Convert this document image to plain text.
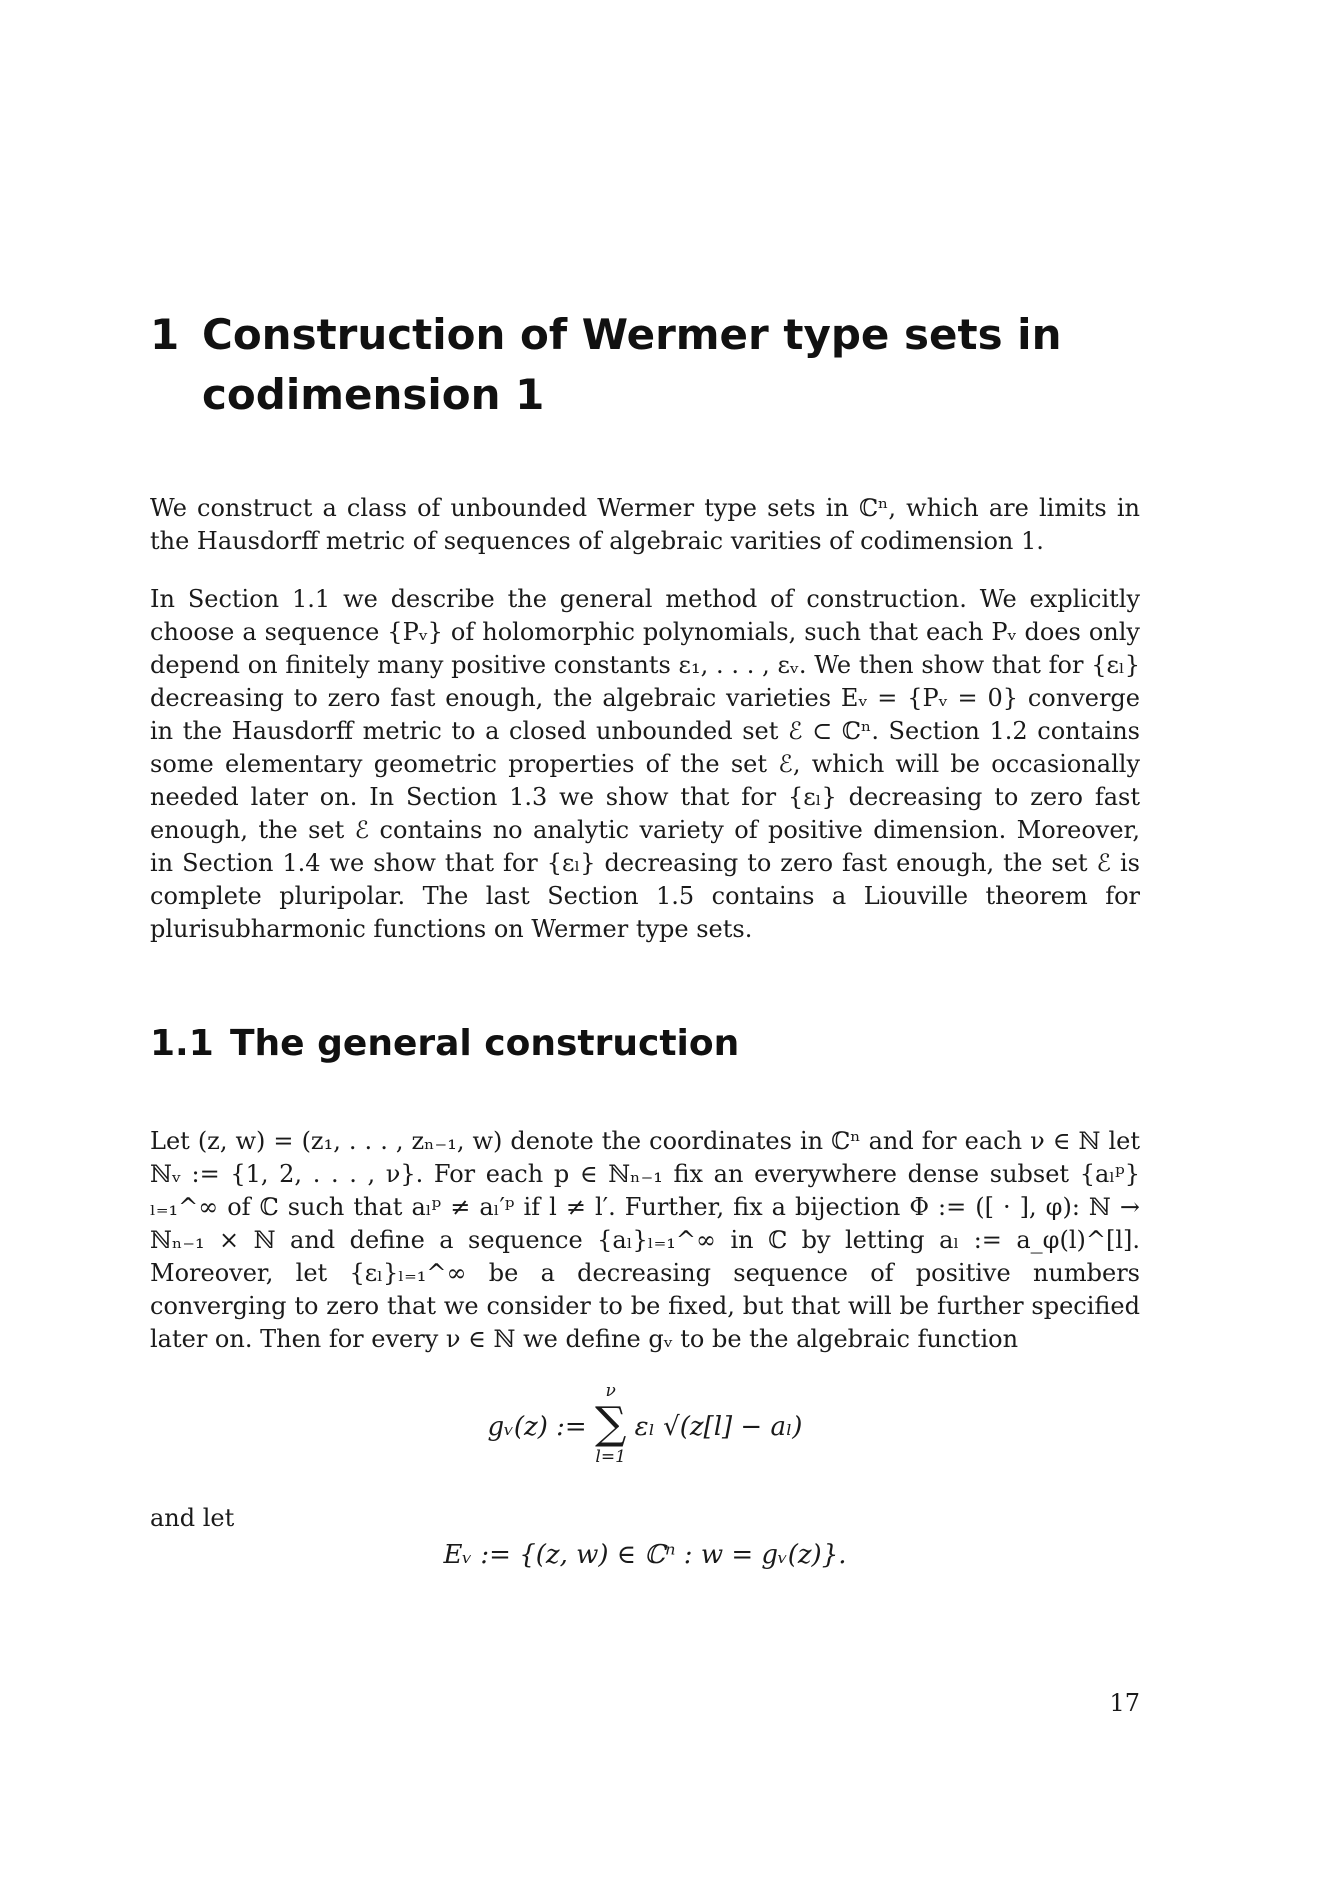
1 Construction of Wermer type sets in codimension 1

We construct a class of unbounded Wermer type sets in ℂⁿ, which are limits in the Hausdorff metric of sequences of algebraic varities of codimension 1.

In Section 1.1 we describe the general method of construction. We explicitly choose a sequence {Pᵥ} of holomorphic polynomials, such that each Pᵥ does only depend on finitely many positive constants ε₁, . . . , εᵥ. We then show that for {εₗ} decreasing to zero fast enough, the algebraic varieties Eᵥ = {Pᵥ = 0} converge in the Hausdorff metric to a closed unbounded set ℰ ⊂ ℂⁿ. Section 1.2 contains some elementary geometric properties of the set ℰ, which will be occasionally needed later on. In Section 1.3 we show that for {εₗ} decreasing to zero fast enough, the set ℰ contains no analytic variety of positive dimension. Moreover, in Section 1.4 we show that for {εₗ} decreasing to zero fast enough, the set ℰ is complete pluripolar. The last Section 1.5 contains a Liouville theorem for plurisubharmonic functions on Wermer type sets.

1.1 The general construction

Let (z, w) = (z₁, . . . , zₙ₋₁, w) denote the coordinates in ℂⁿ and for each ν ∈ ℕ let ℕᵥ := {1, 2, . . . , ν}. For each p ∈ ℕₙ₋₁ fix an everywhere dense subset {aₗᵖ}ₗ₌₁^∞ of ℂ such that aₗᵖ ≠ aₗ′ᵖ if l ≠ l′. Further, fix a bijection Φ := ([ · ], φ): ℕ → ℕₙ₋₁ × ℕ and define a sequence {aₗ}ₗ₌₁^∞ in ℂ by letting aₗ := a_φ(l)^[l]. Moreover, let {εₗ}ₗ₌₁^∞ be a decreasing sequence of positive numbers converging to zero that we consider to be fixed, but that will be further specified later on. Then for every ν ∈ ℕ we define gᵥ to be the algebraic function

gᵥ(z) :=
ν
∑
l=1
εₗ √(z[l] − aₗ)
and let
Eᵥ := {(z, w) ∈ ℂⁿ : w = gᵥ(z)}.
17
